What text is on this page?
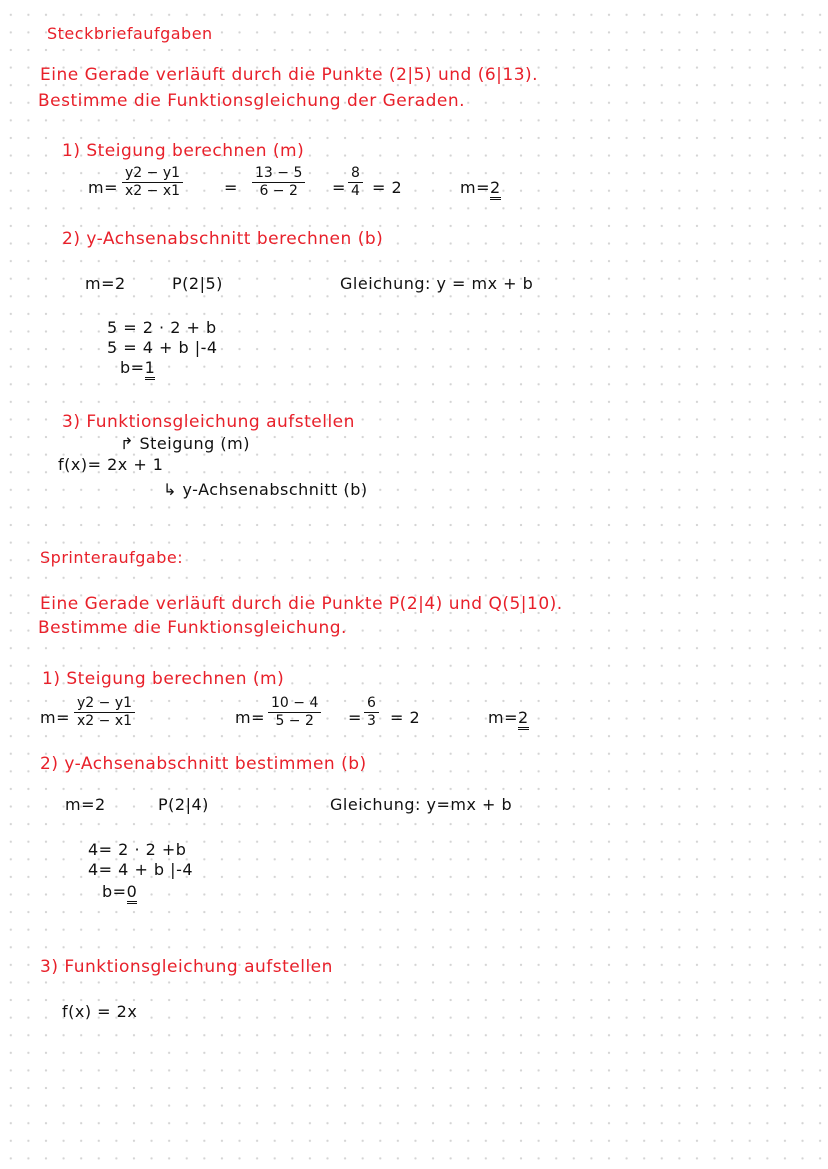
Steckbriefaufgaben
Eine Gerade verläuft durch die Punkte (2|5) und (6|13).
Bestimme die Funktionsgleichung der Geraden.
1) Steigung berechnen (m)
$m= \frac{y2 - y1}{x2 - x1}$	= $\frac{13 - 5}{6 - 2} = \frac{8}{4} = 2$	m=2
2) y-Achsenabschnitt berechnen (b)
m=2	P(2|5)	Gleichung: y = mx + b
5 = 2 · 2 + b
5 = 4 + b |-4
b=1
3) Funktionsgleichung aufstellen
↱ Steigung (m)
f(x)= 2x + 1
↳ y-Achsenabschnitt (b)
Sprinteraufgabe:
Eine Gerade verläuft durch die Punkte P(2|4) und Q(5|10).
Bestimme die Funktionsgleichung.
1) Steigung berechnen (m)
$m= \frac{y2 - y1}{x2 - x1}$	$m= \frac{10 - 4}{5 - 2} = \frac{6}{3} = 2$	m=2
2) y-Achsenabschnitt bestimmen (b)
m=2	P(2|4)	Gleichung: y=mx + b
4= 2 · 2 +b
4= 4 + b |-4
b=0
3) Funktionsgleichung aufstellen
f(x) = 2x
